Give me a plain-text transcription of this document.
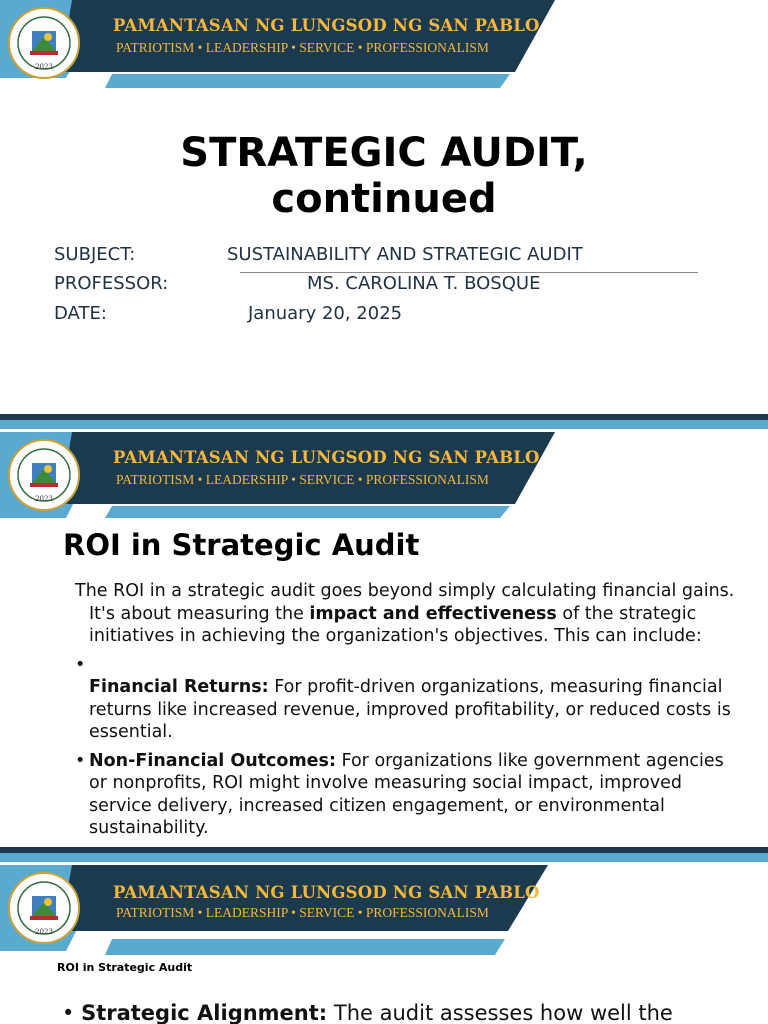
2023
PAMANTASAN NG LUNGSOD NG SAN PABLO
PATRIOTISM • LEADERSHIP • SERVICE • PROFESSIONALISM
STRATEGIC AUDIT,
continued
SUBJECT:	SUSTAINABILITY AND STRATEGIC AUDIT
PROFESSOR:	MS. CAROLINA T. BOSQUE
DATE:	January 20, 2025
2023
PAMANTASAN NG LUNGSOD NG SAN PABLO
PATRIOTISM • LEADERSHIP • SERVICE • PROFESSIONALISM
ROI in Strategic Audit

The ROI in a strategic audit goes beyond simply calculating financial gains. It's about measuring the impact and effectiveness of the strategic initiatives in achieving the organization's objectives. This can include:

•

Financial Returns: For profit-driven organizations, measuring financial returns like increased revenue, improved profitability, or reduced costs is essential.
• Non-Financial Outcomes: For organizations like government agencies or nonprofits, ROI might involve measuring social impact, improved service delivery, increased citizen engagement, or environmental sustainability.
2023
PAMANTASAN NG LUNGSOD NG SAN PABLO
PATRIOTISM • LEADERSHIP • SERVICE • PROFESSIONALISM
ROI in Strategic Audit
• Strategic Alignment: The audit assesses how well the
